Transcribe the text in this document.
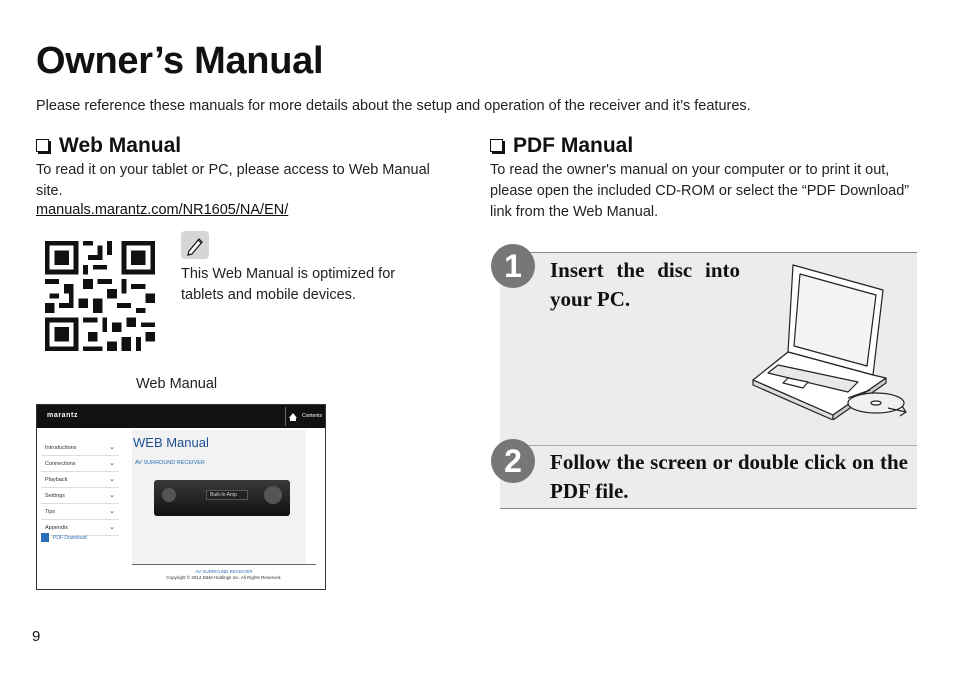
Owner’s Manual
Please reference these manuals for more details about the setup and operation of the receiver and it’s features.
Web Manual
To read it on your tablet or PC, please access to Web Manual site.
manuals.marantz.com/NR1605/NA/EN/
This Web Manual is optimized for tablets and mobile devices.
Web Manual
marantz	Contents
Introductions	⌄
Connections	⌄
Playback	⌄
Settings	⌄
Tips	⌄
Appendix	⌄
PDF Download
WEB Manual
AV SURROUND RECEIVER
Built-In Amp
AV SURROUND RECEIVER
Copyright © 2014 D&M Holdings Inc. All Rights Reserved.
PDF Manual
To read the owner's manual on your computer or to print it out, please open the included CD-ROM or select the “PDF Download” link from the Web Manual.
1
2
Insert the disc into your PC.
Follow the screen or double click on the PDF file.
9
